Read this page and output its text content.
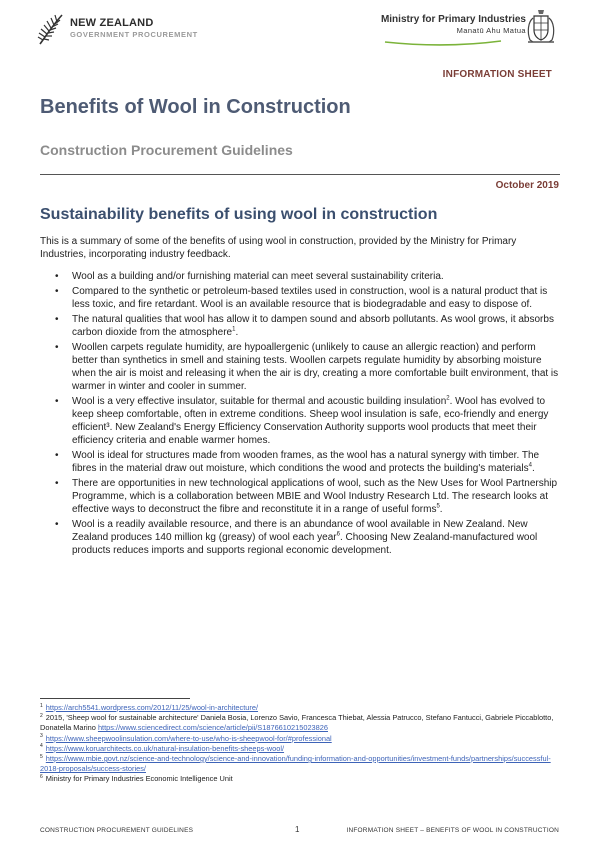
NEW ZEALAND
GOVERNMENT PROCUREMENT
Ministry for Primary Industries
Manatū Ahu Matua
INFORMATION SHEET
Benefits of Wool in Construction
Construction Procurement Guidelines
October 2019
Sustainability benefits of using wool in construction

This is a summary of some of the benefits of using wool in construction, provided by the Ministry for Primary Industries, incorporating industry feedback.

• Wool as a building and/or furnishing material can meet several sustainability criteria.
• Compared to the synthetic or petroleum-based textiles used in construction, wool is a natural product that is less toxic, and fire retardant. Wool is an available resource that is biodegradable and easy to dispose of.
• The natural qualities that wool has allow it to dampen sound and absorb pollutants. As wool grows, it absorbs carbon dioxide from the atmosphere$^1$.
• Woollen carpets regulate humidity, are hypoallergenic (unlikely to cause an allergic reaction) and perform better than synthetics in smell and staining tests. Woollen carpets regulate humidity by absorbing moisture when the air is moist and releasing it when the air is dry, creating a more comfortable built environment, that is warmer in winter and cooler in summer.
• Wool is a very effective insulator, suitable for thermal and acoustic building insulation$^2$. Wool has evolved to keep sheep comfortable, often in extreme conditions. Sheep wool insulation is safe, eco-friendly and energy efficient³. New Zealand's Energy Efficiency Conservation Authority supports wool products that meet their efficiency criteria and enable warmer homes.
• Wool is ideal for structures made from wooden frames, as the wool has a natural synergy with timber. The fibres in the material draw out moisture, which conditions the wood and protects the building's materials$^4$.
• There are opportunities in new technological applications of wool, such as the New Uses for Wool Partnership Programme, which is a collaboration between MBIE and Wool Industry Research Ltd. The research looks at effective ways to deconstruct the fibre and reconstitute it in a range of useful forms$^5$.
• Wool is a readily available resource, and there is an abundance of wool available in New Zealand. New Zealand produces 140 million kg (greasy) of wool each year$^6$. Choosing New Zealand-manufactured wool products reduces imports and supports regional economic development.
$^1$ https://arch5541.wordpress.com/2012/11/25/wool-in-architecture/
$^2$ 2015, 'Sheep wool for sustainable architecture' Daniela Bosia, Lorenzo Savio, Francesca Thiebat, Alessia Patrucco, Stefano Fantucci, Gabriele Piccablotto, Donatella Marino https://www.sciencedirect.com/science/article/pii/S1876610215023826
$^3$ https://www.sheepwoolinsulation.com/where-to-use/who-is-sheepwool-for/#professional
$^4$ https://www.koruarchitects.co.uk/natural-insulation-benefits-sheeps-wool/
$^5$ https://www.mbie.govt.nz/science-and-technology/science-and-innovation/funding-information-and-opportunities/investment-funds/partnerships/successful-2018-proposals/success-stories/
$^6$ Ministry for Primary Industries Economic Intelligence Unit
CONSTRUCTION PROCUREMENT GUIDELINES	1	INFORMATION SHEET – BENEFITS OF WOOL IN CONSTRUCTION
